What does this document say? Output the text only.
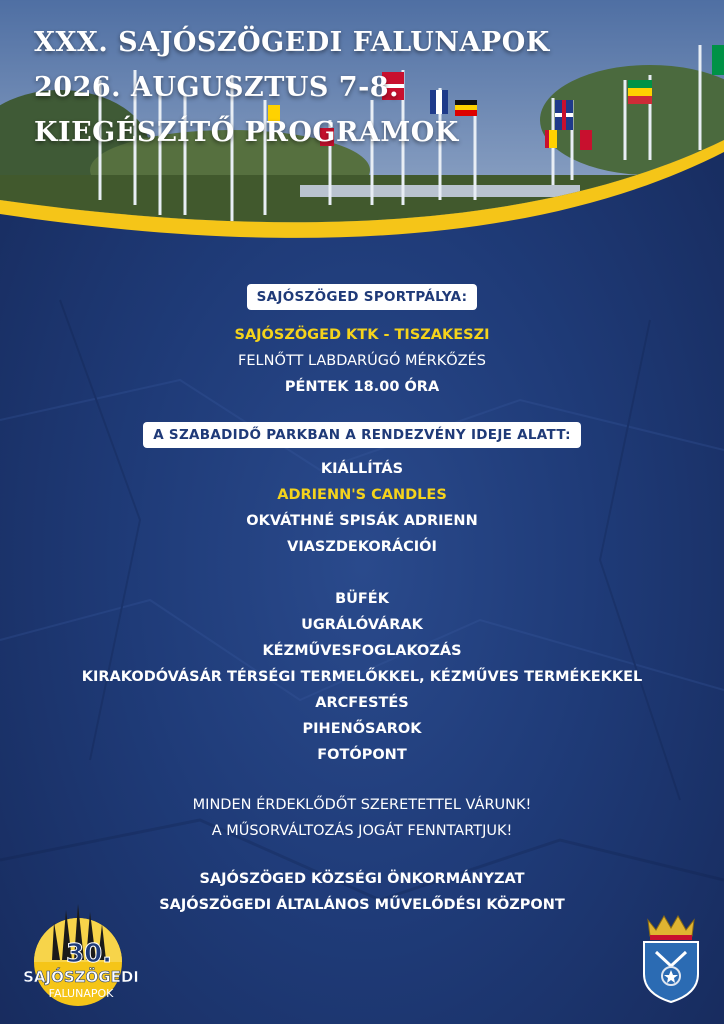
XXX. SAJÓSZÖGEDI FALUNAPOK
2026. AUGUSZTUS 7-8.
KIEGÉSZÍTŐ PROGRAMOK
SAJÓSZÖGED SPORTPÁLYA:
SAJÓSZÖGED KTK - TISZAKESZI
FELNŐTT LABDARÚGÓ MÉRKŐZÉS
PÉNTEK 18.00 ÓRA
A SZABADIDŐ PARKBAN A RENDEZVÉNY IDEJE ALATT:
KIÁLLÍTÁS
ADRIENN'S CANDLES
OKVÁTHNÉ SPISÁK ADRIENN
VIASZDEKORÁCIÓI
BÜFÉK
UGRÁLÓVÁRAK
KÉZMŰVESFOGLAKOZÁS
KIRAKODÓVÁSÁR TÉRSÉGI TERMELŐKKEL, KÉZMŰVES TERMÉKEKKEL
ARCFESTÉS
PIHENŐSAROK
FOTÓPONT
MINDEN ÉRDEKLŐDŐT SZERETETTEL VÁRUNK!
A MŰSORVÁLTOZÁS JOGÁT FENNTARTJUK!
SAJÓSZÖGED KÖZSÉGI ÖNKORMÁNYZAT
SAJÓSZÖGEDI ÁLTALÁNOS MŰVELŐDÉSI KÖZPONT
30.
SAJÓSZÖGEDI
FALUNAPOK
